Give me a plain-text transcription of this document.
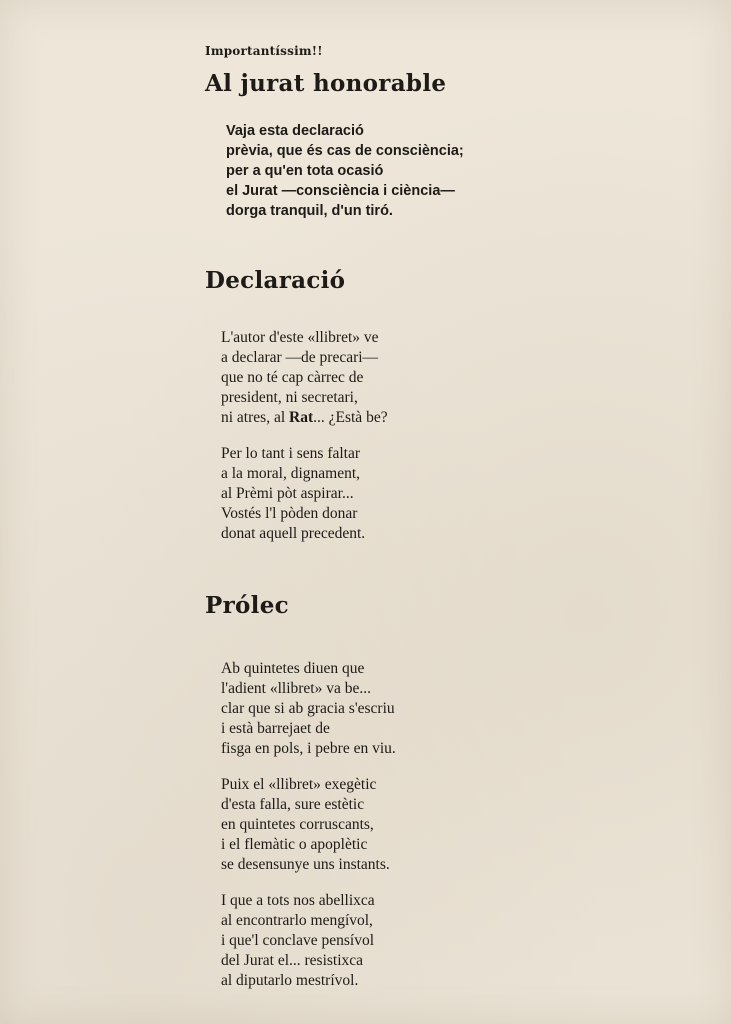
Importantíssim!!

Al jurat honorable
Vaja esta declaració
prèvia, que és cas de consciència;
per a qu'en tota ocasió
el Jurat —consciència i ciència—
dorga tranquil, d'un tiró.
Declaració
L'autor d'este «llibret» ve
a declarar —de precari—
que no té cap càrrec de
president, ni secretari,
ni atres, al Rat... ¿Està be?
Per lo tant i sens faltar
a la moral, dignament,
al Prèmi pòt aspirar...
Vostés l'l pòden donar
donat aquell precedent.
Prólec
Ab quintetes diuen que
l'adient «llibret» va be...
clar que si ab gracia s'escriu
i està barrejaet de
fisga en pols, i pebre en viu.
Puix el «llibret» exegètic
d'esta falla, sure estètic
en quintetes corruscants,
i el flemàtic o apoplètic
se desensunye uns instants.
I que a tots nos abellixca
al encontrarlo mengívol,
i que'l conclave pensívol
del Jurat el... resistixca
al diputarlo mestrívol.
